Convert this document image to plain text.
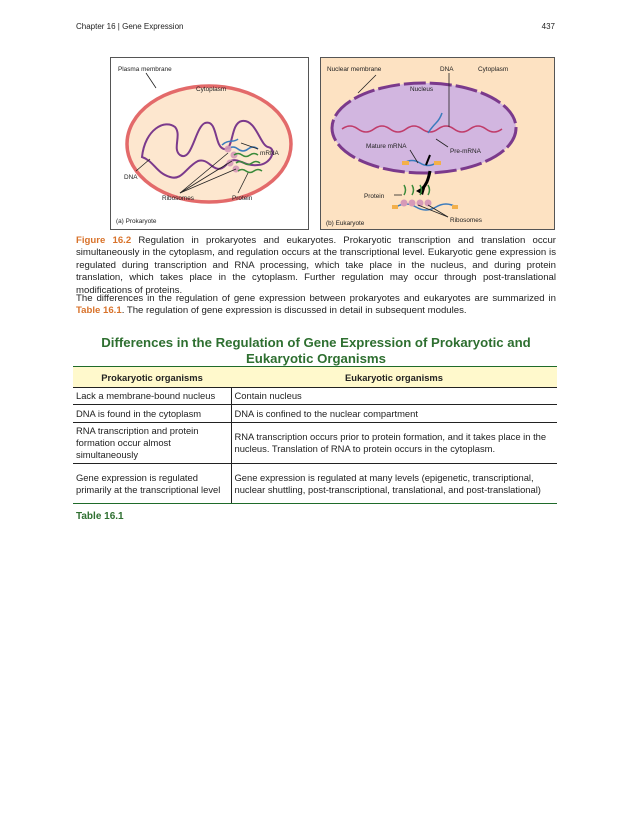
Chapter 16 | Gene Expression	437
Plasma membrane
Cytoplasm
mRNA
DNA
Ribosomes	Protein
(a) Prokaryote
Nuclear membrane	DNA	Cytoplasm
Nucleus
Mature mRNA
Pre-mRNA
Protein
Ribosomes
(b) Eukaryote
Figure 16.2 Regulation in prokaryotes and eukaryotes. Prokaryotic transcription and translation occur simultaneously in the cytoplasm, and regulation occurs at the transcriptional level. Eukaryotic gene expression is regulated during transcription and RNA processing, which take place in the nucleus, and during protein translation, which takes place in the cytoplasm. Further regulation may occur through post-translational modifications of proteins.
The differences in the regulation of gene expression between prokaryotes and eukaryotes are summarized in Table 16.1. The regulation of gene expression is discussed in detail in subsequent modules.
Differences in the Regulation of Gene Expression of Prokaryotic and Eukaryotic Organisms
Prokaryotic organisms	Eukaryotic organisms
Lack a membrane-bound nucleus	Contain nucleus
DNA is found in the cytoplasm	DNA is confined to the nuclear compartment
RNA transcription and protein formation occur almost simultaneously	RNA transcription occurs prior to protein formation, and it takes place in the nucleus. Translation of RNA to protein occurs in the cytoplasm.
Gene expression is regulated primarily at the transcriptional level	Gene expression is regulated at many levels (epigenetic, transcriptional, nuclear shuttling, post-transcriptional, translational, and post-translational)
Table 16.1
